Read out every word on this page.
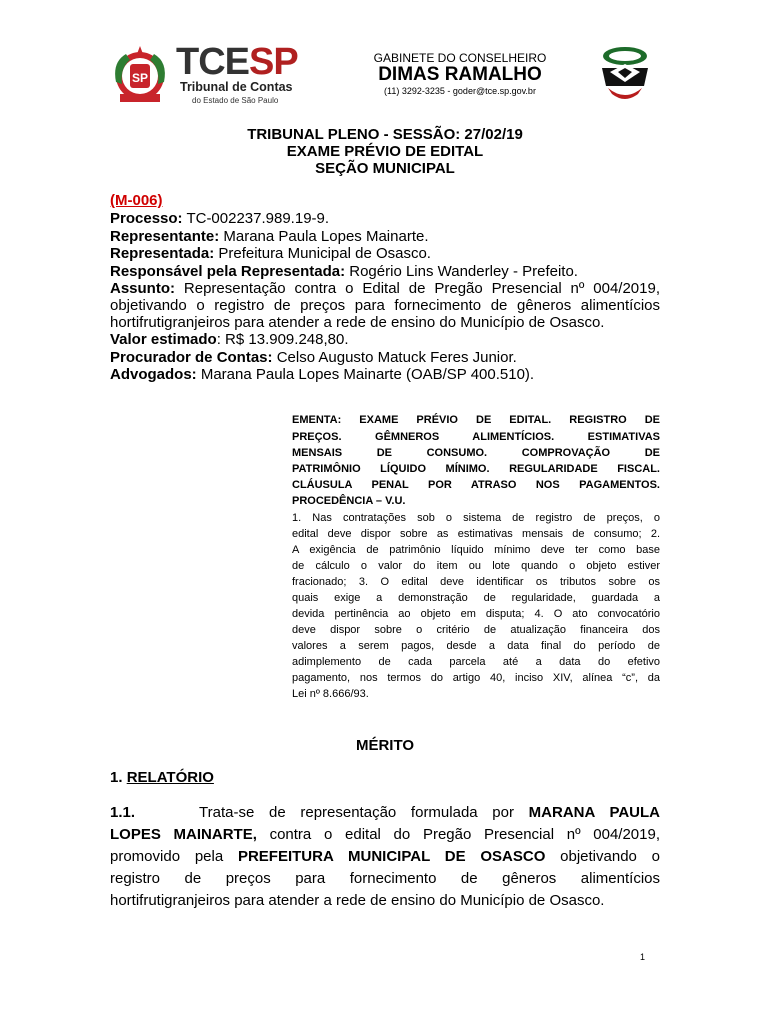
SP TCESP
Tribunal de Contas
do Estado de São Paulo
GABINETE DO CONSELHEIRO
DIMAS RAMALHO
(11) 3292-3235 - goder@tce.sp.gov.br
TRIBUNAL PLENO - SESSÃO: 27/02/19
EXAME PRÉVIO DE EDITAL
SEÇÃO MUNICIPAL
(M-006)
Processo: TC-002237.989.19-9.
Representante: Marana Paula Lopes Mainarte.
Representada: Prefeitura Municipal de Osasco.
Responsável pela Representada: Rogério Lins Wanderley - Prefeito.
Assunto: Representação contra o Edital de Pregão Presencial nº 004/2019,
objetivando o registro de preços para fornecimento de gêneros alimentícios
hortifrutigranjeiros para atender a rede de ensino do Município de Osasco.
Valor estimado: R$ 13.909.248,80.
Procurador de Contas: Celso Augusto Matuck Feres Junior.
Advogados: Marana Paula Lopes Mainarte (OAB/SP 400.510).
EMENTA: EXAME PRÉVIO DE EDITAL. REGISTRO DE
PREÇOS. GÊMNEROS ALIMENTÍCIOS. ESTIMATIVAS
MENSAIS DE CONSUMO. COMPROVAÇÃO DE
PATRIMÔNIO LÍQUIDO MÍNIMO. REGULARIDADE FISCAL.
CLÁUSULA PENAL POR ATRASO NOS PAGAMENTOS.
PROCEDÊNCIA – V.U.
1. Nas contratações sob o sistema de registro de preços, o
edital deve dispor sobre as estimativas mensais de consumo; 2.
A exigência de patrimônio líquido mínimo deve ter como base
de cálculo o valor do item ou lote quando o objeto estiver
fracionado; 3. O edital deve identificar os tributos sobre os
quais exige a demonstração de regularidade, guardada a
devida pertinência ao objeto em disputa; 4. O ato convocatório
deve dispor sobre o critério de atualização financeira dos
valores a serem pagos, desde a data final do período de
adimplemento de cada parcela até a data do efetivo
pagamento, nos termos do artigo 40, inciso XIV, alínea “c”, da
Lei nº 8.666/93.
MÉRITO
1. RELATÓRIO
1.1.	Trata-se de representação formulada por MARANA PAULA
LOPES MAINARTE, contra o edital do Pregão Presencial nº 004/2019,
promovido pela PREFEITURA MUNICIPAL DE OSASCO objetivando o
registro de preços para fornecimento de gêneros alimentícios
hortifrutigranjeiros para atender a rede de ensino do Município de Osasco.
1
